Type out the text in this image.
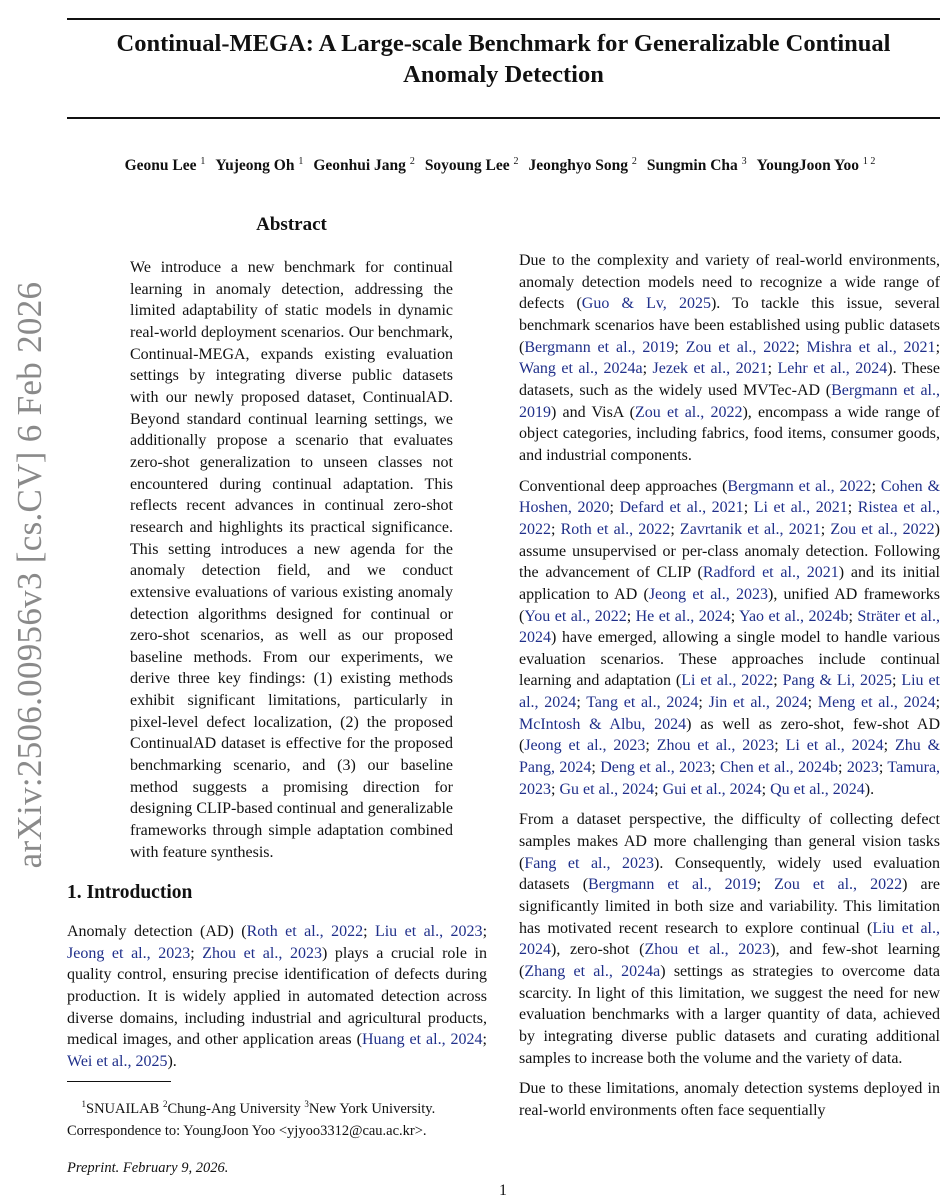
arXiv:2506.00956v3 [cs.CV] 6 Feb 2026
Continual-MEGA: A Large-scale Benchmark for Generalizable Continual Anomaly Detection
Geonu Lee $^1$ Yujeong Oh $^1$ Geonhui Jang $^2$ Soyoung Lee $^2$ Jeonghyo Song $^2$ Sungmin Cha $^3$ YoungJoon Yoo $^{1 2}$
Abstract

We introduce a new benchmark for continual learning in anomaly detection, addressing the limited adaptability of static models in dynamic real-world deployment scenarios. Our benchmark, Continual-MEGA, expands existing evaluation settings by integrating diverse public datasets with our newly proposed dataset, ContinualAD. Beyond standard continual learning settings, we additionally propose a scenario that evaluates zero-shot generalization to unseen classes not encountered during continual adaptation. This reflects recent advances in continual zero-shot research and highlights its practical significance. This setting introduces a new agenda for the anomaly detection field, and we conduct extensive evaluations of various existing anomaly detection algorithms designed for continual or zero-shot scenarios, as well as our proposed baseline methods. From our experiments, we derive three key findings: (1) existing methods exhibit significant limitations, particularly in pixel-level defect localization, (2) the proposed ContinualAD dataset is effective for the proposed benchmarking scenario, and (3) our baseline method suggests a promising direction for designing CLIP-based continual and generalizable frameworks through simple adaptation combined with feature synthesis.

1. Introduction

Anomaly detection (AD) (Roth et al., 2022; Liu et al., 2023; Jeong et al., 2023; Zhou et al., 2023) plays a crucial role in quality control, ensuring precise identification of defects during production. It is widely applied in automated detection across diverse domains, including industrial and agricultural products, medical images, and other application areas (Huang et al., 2024; Wei et al., 2025).

$^1$SNUAILAB $^2$Chung-Ang University $^3$New York University.
Correspondence to: YoungJoon Yoo <yjyoo3312@cau.ac.kr>.
Preprint. February 9, 2026.

Due to the complexity and variety of real-world environments, anomaly detection models need to recognize a wide range of defects (Guo & Lv, 2025). To tackle this issue, several benchmark scenarios have been established using public datasets (Bergmann et al., 2019; Zou et al., 2022; Mishra et al., 2021; Wang et al., 2024a; Jezek et al., 2021; Lehr et al., 2024). These datasets, such as the widely used MVTec-AD (Bergmann et al., 2019) and VisA (Zou et al., 2022), encompass a wide range of object categories, including fabrics, food items, consumer goods, and industrial components.

Conventional deep approaches (Bergmann et al., 2022; Cohen & Hoshen, 2020; Defard et al., 2021; Li et al., 2021; Ristea et al., 2022; Roth et al., 2022; Zavrtanik et al., 2021; Zou et al., 2022) assume unsupervised or per-class anomaly detection. Following the advancement of CLIP (Radford et al., 2021) and its initial application to AD (Jeong et al., 2023), unified AD frameworks (You et al., 2022; He et al., 2024; Yao et al., 2024b; Sträter et al., 2024) have emerged, allowing a single model to handle various evaluation scenarios. These approaches include continual learning and adaptation (Li et al., 2022; Pang & Li, 2025; Liu et al., 2024; Tang et al., 2024; Jin et al., 2024; Meng et al., 2024; McIntosh & Albu, 2024) as well as zero-shot, few-shot AD (Jeong et al., 2023; Zhou et al., 2023; Li et al., 2024; Zhu & Pang, 2024; Deng et al., 2023; Chen et al., 2024b; 2023; Tamura, 2023; Gu et al., 2024; Gui et al., 2024; Qu et al., 2024).

From a dataset perspective, the difficulty of collecting defect samples makes AD more challenging than general vision tasks (Fang et al., 2023). Consequently, widely used evaluation datasets (Bergmann et al., 2019; Zou et al., 2022) are significantly limited in both size and variability. This limitation has motivated recent research to explore continual (Liu et al., 2024), zero-shot (Zhou et al., 2023), and few-shot learning (Zhang et al., 2024a) settings as strategies to overcome data scarcity. In light of this limitation, we suggest the need for new evaluation benchmarks with a larger quantity of data, achieved by integrating diverse public datasets and curating additional samples to increase both the volume and the variety of data.

Due to these limitations, anomaly detection systems deployed in real-world environments often face sequentially

1
